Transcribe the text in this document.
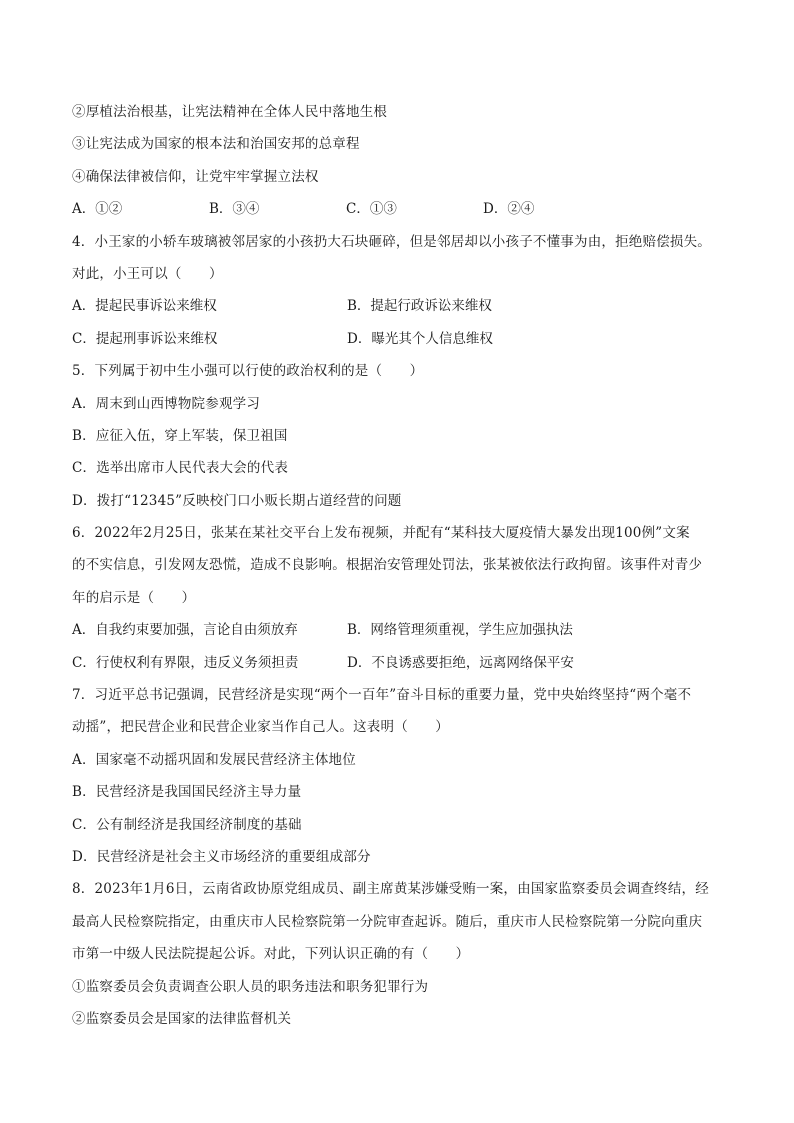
②厚植法治根基，让宪法精神在全体人民中落地生根
③让宪法成为国家的根本法和治国安邦的总章程
④确保法律被信仰，让党牢牢掌握立法权
A．①②	B．③④	C．①③	D．②④
4．小王家的小轿车玻璃被邻居家的小孩扔大石块砸碎，但是邻居却以小孩子不懂事为由，拒绝赔偿损失。
对此，小王可以（　　）
A．提起民事诉讼来维权	B．提起行政诉讼来维权
C．提起刑事诉讼来维权	D．曝光其个人信息维权
5．下列属于初中生小强可以行使的政治权利的是（　　）
A．周末到山西博物院参观学习
B．应征入伍，穿上军装，保卫祖国
C．选举出席市人民代表大会的代表
D．拨打“12345”反映校门口小贩长期占道经营的问题
6．2022年2月25日，张某在某社交平台上发布视频，并配有“某科技大厦疫情大暴发出现100例”文案
的不实信息，引发网友恐慌，造成不良影响。根据治安管理处罚法，张某被依法行政拘留。该事件对青少
年的启示是（　　）
A．自我约束要加强，言论自由须放弃	B．网络管理须重视，学生应加强执法
C．行使权利有界限，违反义务须担责	D．不良诱惑要拒绝，远离网络保平安
7．习近平总书记强调，民营经济是实现“两个一百年”奋斗目标的重要力量，党中央始终坚持“两个毫不
动摇”，把民营企业和民营企业家当作自己人。这表明（　　）
A．国家毫不动摇巩固和发展民营经济主体地位
B．民营经济是我国国民经济主导力量
C．公有制经济是我国经济制度的基础
D．民营经济是社会主义市场经济的重要组成部分
8．2023年1月6日，云南省政协原党组成员、副主席黄某涉嫌受贿一案，由国家监察委员会调查终结，经
最高人民检察院指定，由重庆市人民检察院第一分院审查起诉。随后，重庆市人民检察院第一分院向重庆
市第一中级人民法院提起公诉。对此，下列认识正确的有（　　）
①监察委员会负责调查公职人员的职务违法和职务犯罪行为
②监察委员会是国家的法律监督机关
